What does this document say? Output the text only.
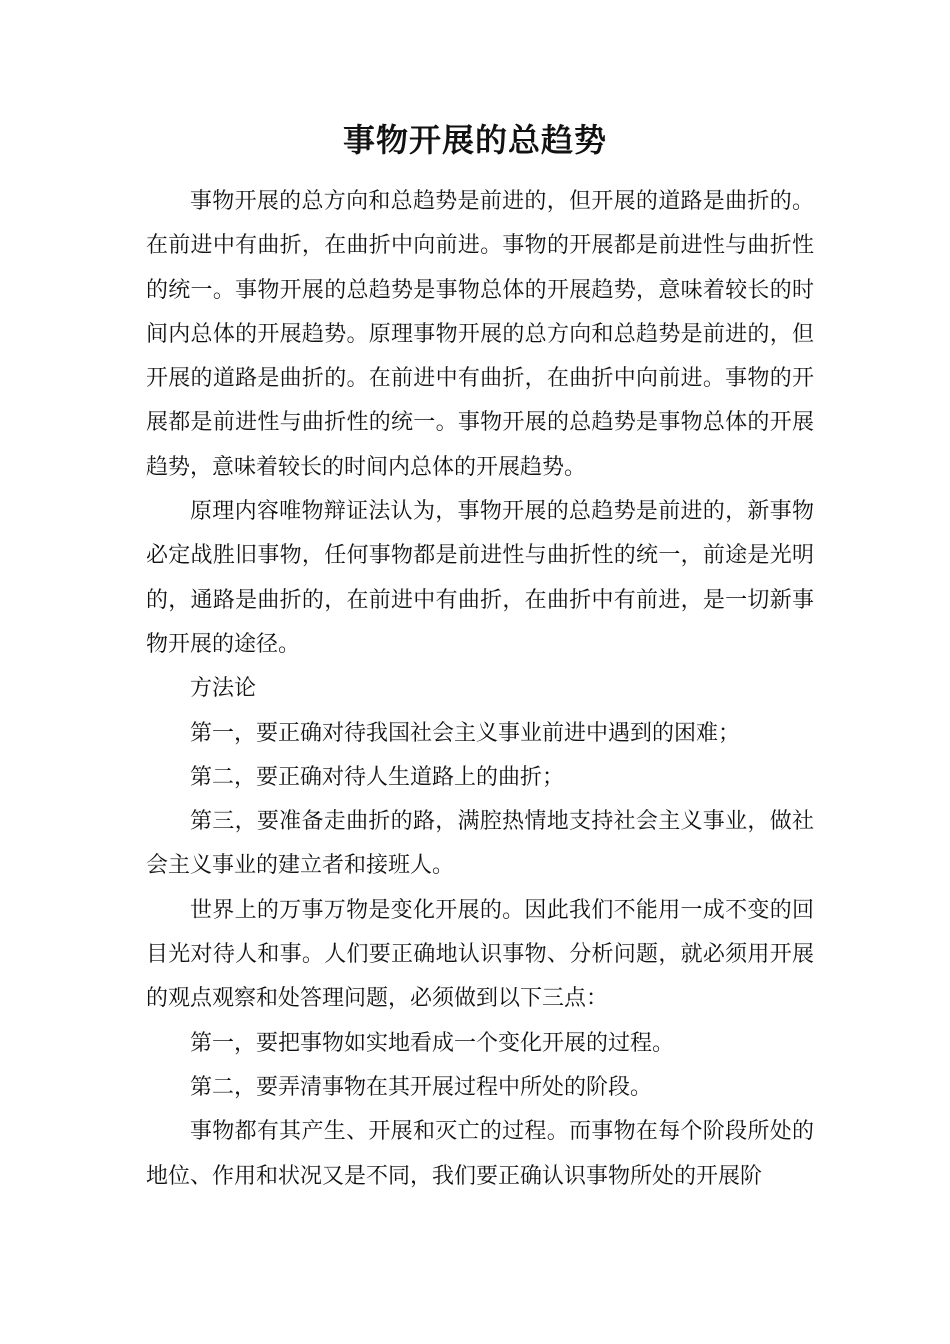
事物开展的总趋势

事物开展的总方向和总趋势是前进的，但开展的道路是曲折的。在前进中有曲折，在曲折中向前进。事物的开展都是前进性与曲折性的统一。事物开展的总趋势是事物总体的开展趋势，意味着较长的时间内总体的开展趋势。原理事物开展的总方向和总趋势是前进的，但开展的道路是曲折的。在前进中有曲折，在曲折中向前进。事物的开展都是前进性与曲折性的统一。事物开展的总趋势是事物总体的开展趋势，意味着较长的时间内总体的开展趋势。

原理内容唯物辩证法认为，事物开展的总趋势是前进的，新事物必定战胜旧事物，任何事物都是前进性与曲折性的统一，前途是光明的，通路是曲折的，在前进中有曲折，在曲折中有前进，是一切新事物开展的途径。

方法论

第一，要正确对待我国社会主义事业前进中遇到的困难；

第二，要正确对待人生道路上的曲折；

第三，要准备走曲折的路，满腔热情地支持社会主义事业，做社会主义事业的建立者和接班人。

世界上的万事万物是变化开展的。因此我们不能用一成不变的回目光对待人和事。人们要正确地认识事物、分析问题，就必须用开展的观点观察和处答理问题，必须做到以下三点：

第一，要把事物如实地看成一个变化开展的过程。

第二，要弄清事物在其开展过程中所处的阶段。

事物都有其产生、开展和灭亡的过程。而事物在每个阶段所处的地位、作用和状况又是不同，我们要正确认识事物所处的开展阶
